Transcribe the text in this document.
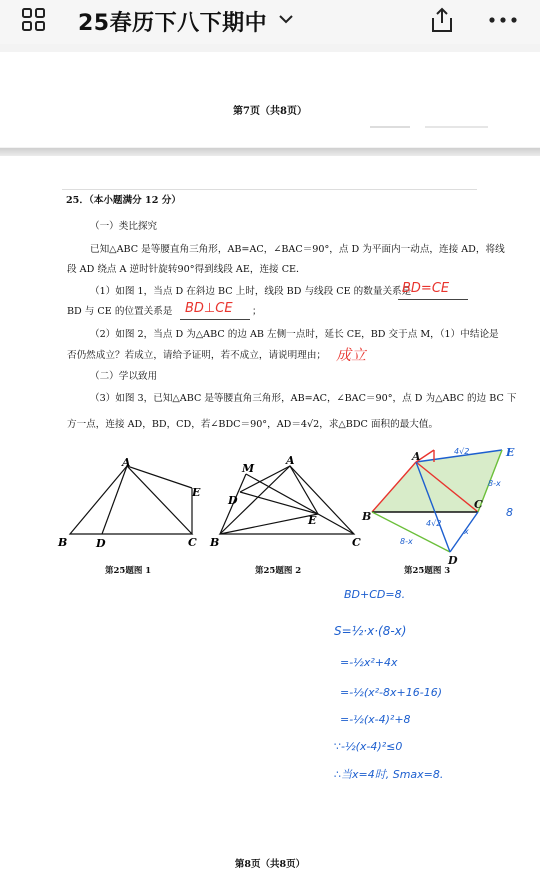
25春历下八下期中
第7页（共8页）
25．（本小题满分 12 分）
（一）类比探究
已知△ABC 是等腰直角三角形，AB=AC，∠BAC＝90°，点 D 为平面内一动点，连接 AD，将线
段 AD 绕点 A 逆时针旋转90°得到线段 AE，连接 CE．
（1）如图 1，当点 D 在斜边 BC 上时，线段 BD 与线段 CE 的数量关系是
BD=CE
BD 与 CE 的位置关系是 BD⊥CE ；
（2）如图 2，当点 D 为△ABC 的边 AB 左侧一点时，延长 CE，BD 交于点 M，（1）中结论是
否仍然成立？若成立，请给予证明，若不成立，请说明理由； 成立
（二）学以致用
（3）如图 3，已知△ABC 是等腰直角三角形，AB=AC，∠BAC＝90°，点 D 为△ABC 的边 BC 下
方一点，连接 AD，BD，CD，若∠BDC＝90°，AD＝4√2，求△BDC 面积的最大值。
A
B	D	C
E
第25题图 1
A
M
D
E
B	C
第25题图 2
A
B
C
D
E
4√2
8-x
x
8-x
8
4√2
第25题图 3
BD+CD=8.
S=½·x·(8-x)
=-½x²+4x
=-½(x²-8x+16-16)
=-½(x-4)²+8
∵-½(x-4)²≤0
∴当x=4时, Smax=8.
第8页（共8页）
